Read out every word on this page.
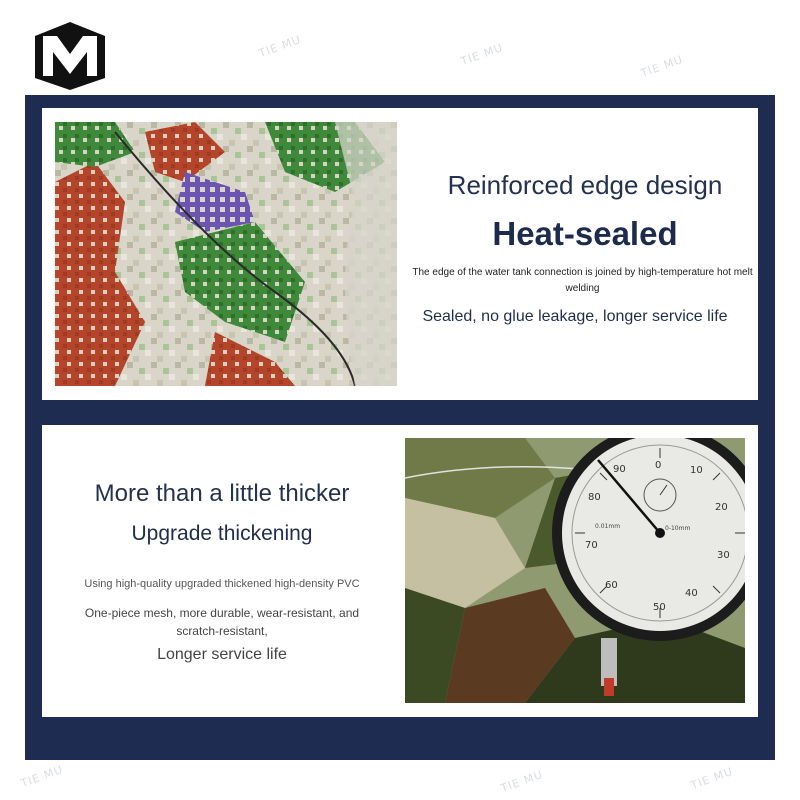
TIE MU	TIE MU	TIE MU
TIE MU	TIE MU	TIE MU
0	10
20
30
40
50
60
70
80
90
0.01mm	0-10mm
Reinforced edge design
Heat-sealed
The edge of the water tank connection is joined by high-temperature hot melt welding
Sealed, no glue leakage, longer service life
More than a little thicker
Upgrade thickening
Using high-quality upgraded thickened high-density PVC
One-piece mesh, more durable, wear-resistant, and scratch-resistant,
Longer service life
